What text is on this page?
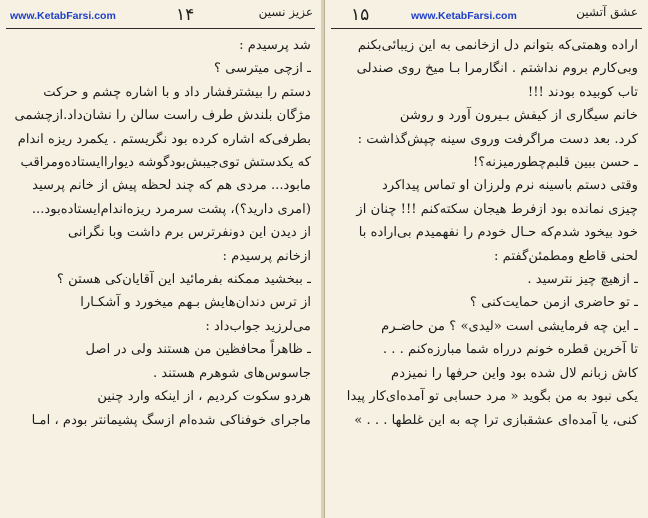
www.KetabFarsi.com	۱۴	عزیز نسین
شد پرسیدم :
ـ ازچی میترسی ؟
دستم را بیشترفشار داد و با اشاره چشم و حرکت
مژگان بلندش طرف راست سالن را نشان‌داد.ازچشمی
بطرفی‌که اشاره کرده بود نگریستم . یکمرد ریزه اندام
که یکدستش توی‌جیبش‌بودگوشه دیواراایستاده‌ومراقب
مابود... مردی هم که چند لحظه پیش از خانم پرسید
(امری دارید؟)، پشت سرمرد ریزه‌اندام‌ایستاده‌بود...
از دیدن این دونفرترس برم داشت وبا نگرانی
ازخانم پرسیدم :
ـ ببخشید ممکنه بفرمائید این آقایان‌کی هستن ؟
از ترس دندان‌هایش بـهم میخورد و آشکـارا
می‌لرزید جواب‌داد :
ـ ظاهراً محافظین من هستند ولی در اصل
جاسوس‌های شوهرم هستند .
هردو سکوت کردیم ، از اینکه وارد چنین
ماجرای خوفناکی شده‌ام ازسگ پشیمانتر بودم ، امـا
۱۵	www.KetabFarsi.com	عشق آتشین
اراده وهمتی‌که بتوانم دل ازخانمی به این زیبائی‌بکنم
وبی‌کارم بروم نداشتم . انگارمرا بـا میخ روی صندلی
تاب کوبیده بودند !!!
خانم سیگاری از کیفش بـیرون آورد و روشن
کرد. بعد دست مراگرفت وروی سینه چپش‌گذاشت :
ـ حسن ببین قلبم‌چطورمیزنه؟!
وقتی دستم باسینه نرم ولرزان او تماس پیداکرد
چیزی نمانده بود ازفرط هیجان سکته‌کنم !!! چنان از
خود بیخود شدم‌که حـال خودم را نفهمیدم بی‌اراده با
لحنی قاطع ومطمئن‌گفتم :
ـ ازهیچ چیز نترسید .
ـ تو حاضری ازمن حمایت‌کنی ؟
ـ این چه فرمایشی است «لیدی» ؟ من حاضـرم
تا آخرین قطره خونم درراه شما مبارزه‌کنم . . .
کاش زبانم لال شده بود واین حرفها را نمیزدم
یکی نبود به من بگوید « مرد حسابی تو آمده‌ای‌کار پیدا
کنی، یا آمده‌ای عشقبازی ترا چه به این غلطها . . . »
